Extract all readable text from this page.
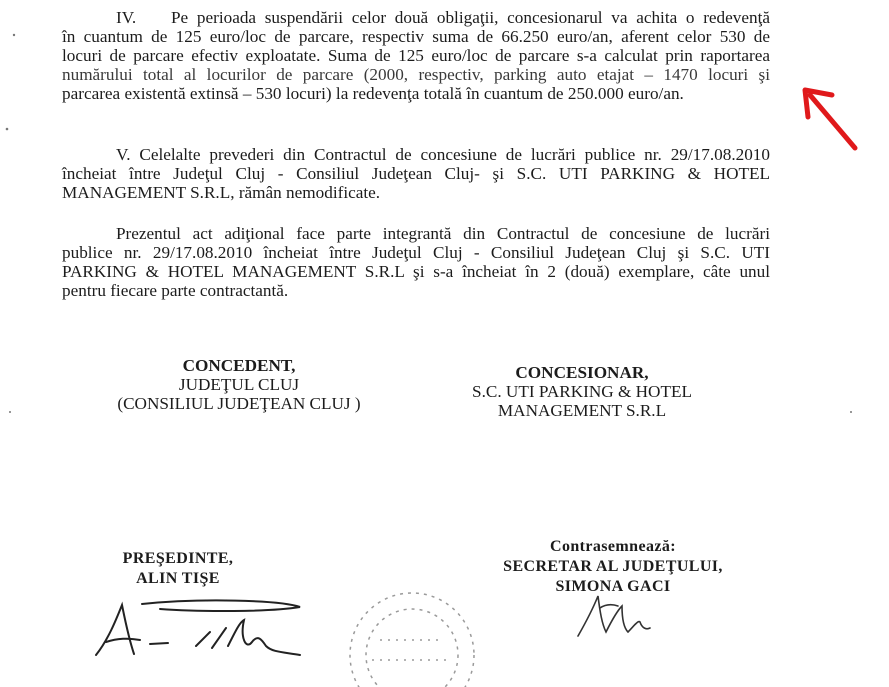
IV. Pe perioada suspendării celor două obligaţii, concesionarul va achita o redevenţă
în cuantum de 125 euro/loc de parcare, respectiv suma de 66.250 euro/an, aferent celor 530 de
locuri de parcare efectiv exploatate. Suma de 125 euro/loc de parcare s-a calculat prin raportarea
numărului total al locurilor de parcare (2000, respectiv, parking auto etajat – 1470 locuri şi
parcarea existentă extinsă – 530 locuri) la redevenţa totală în cuantum de 250.000 euro/an.
V. Celelalte prevederi din Contractul de concesiune de lucrări publice nr. 29/17.08.2010
încheiat între Judeţul Cluj - Consiliul Judeţean Cluj- şi S.C. UTI PARKING & HOTEL
MANAGEMENT S.R.L, rămân nemodificate.
Prezentul act adiţional face parte integrantă din Contractul de concesiune de lucrări
publice nr. 29/17.08.2010 încheiat între Judeţul Cluj - Consiliul Judeţean Cluj şi S.C. UTI
PARKING & HOTEL MANAGEMENT S.R.L şi s-a încheiat în 2 (două) exemplare, câte unul
pentru fiecare parte contractantă.
CONCEDENT,
JUDEŢUL CLUJ
(CONSILIUL JUDEŢEAN CLUJ )
CONCESIONAR,
S.C. UTI PARKING & HOTEL
MANAGEMENT S.R.L
PREŞEDINTE,
ALIN TIŞE
Contrasemnează:
SECRETAR AL JUDEŢULUI,
SIMONA GACI
